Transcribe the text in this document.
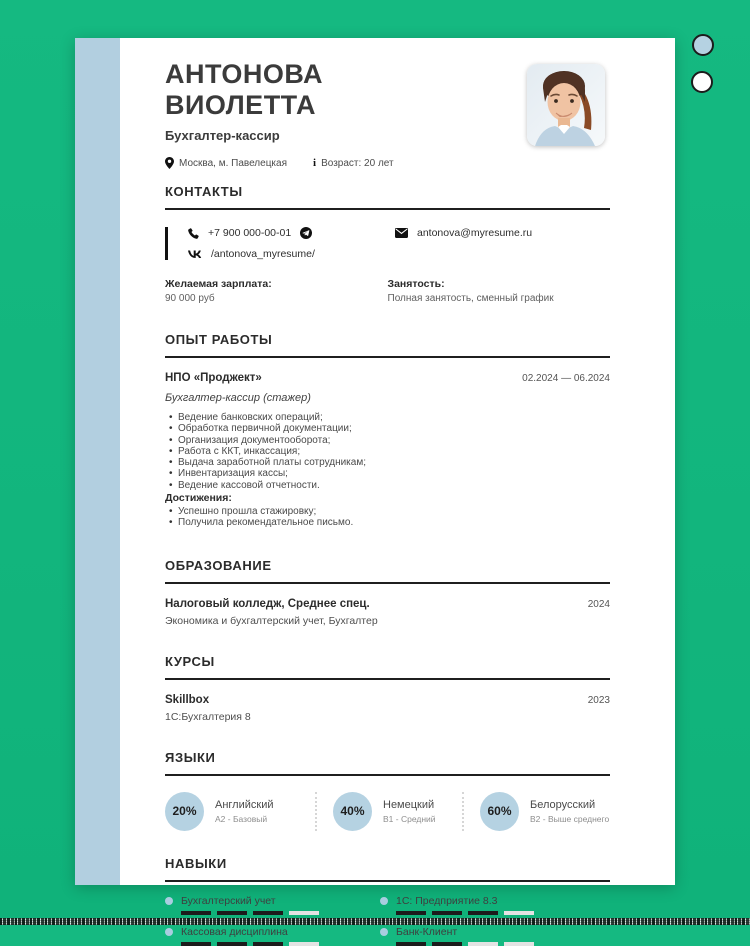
АНТОНОВА
ВИОЛЕТТА
Бухгалтер-кассир
Москва, м. Павелецкая i Возраст: 20 лет
КОНТАКТЫ
+7 900 000-00-01
/antonova_myresume/
antonova@myresume.ru
Желаемая зарплата:
90 000 руб
Занятость:
Полная занятость, сменный график
ОПЫТ РАБОТЫ
НПО «Проджект»	02.2024 — 06.2024
Бухгалтер-кассир (стажер)
• Ведение банковских операций;
• Обработка первичной документации;
• Организация документооборота;
• Работа с ККТ, инкассация;
• Выдача заработной платы сотрудникам;
• Инвентаризация кассы;
• Ведение кассовой отчетности.
Достижения:
• Успешно прошла стажировку;
• Получила рекомендательное письмо.
ОБРАЗОВАНИЕ
Налоговый колледж, Среднее спец.	2024
Экономика и бухгалтерский учет, Бухгалтер
КУРСЫ
Skillbox	2023
1С:Бухгалтерия 8
ЯЗЫКИ
20%	Английский
A2 - Базовый
40%	Немецкий
B1 - Средний
60%	Белорусский
B2 - Выше среднего
НАВЫКИ
Бухгалтерский учет	1С: Предприятие 8.3
Кассовая дисциплина	Банк-Клиент
